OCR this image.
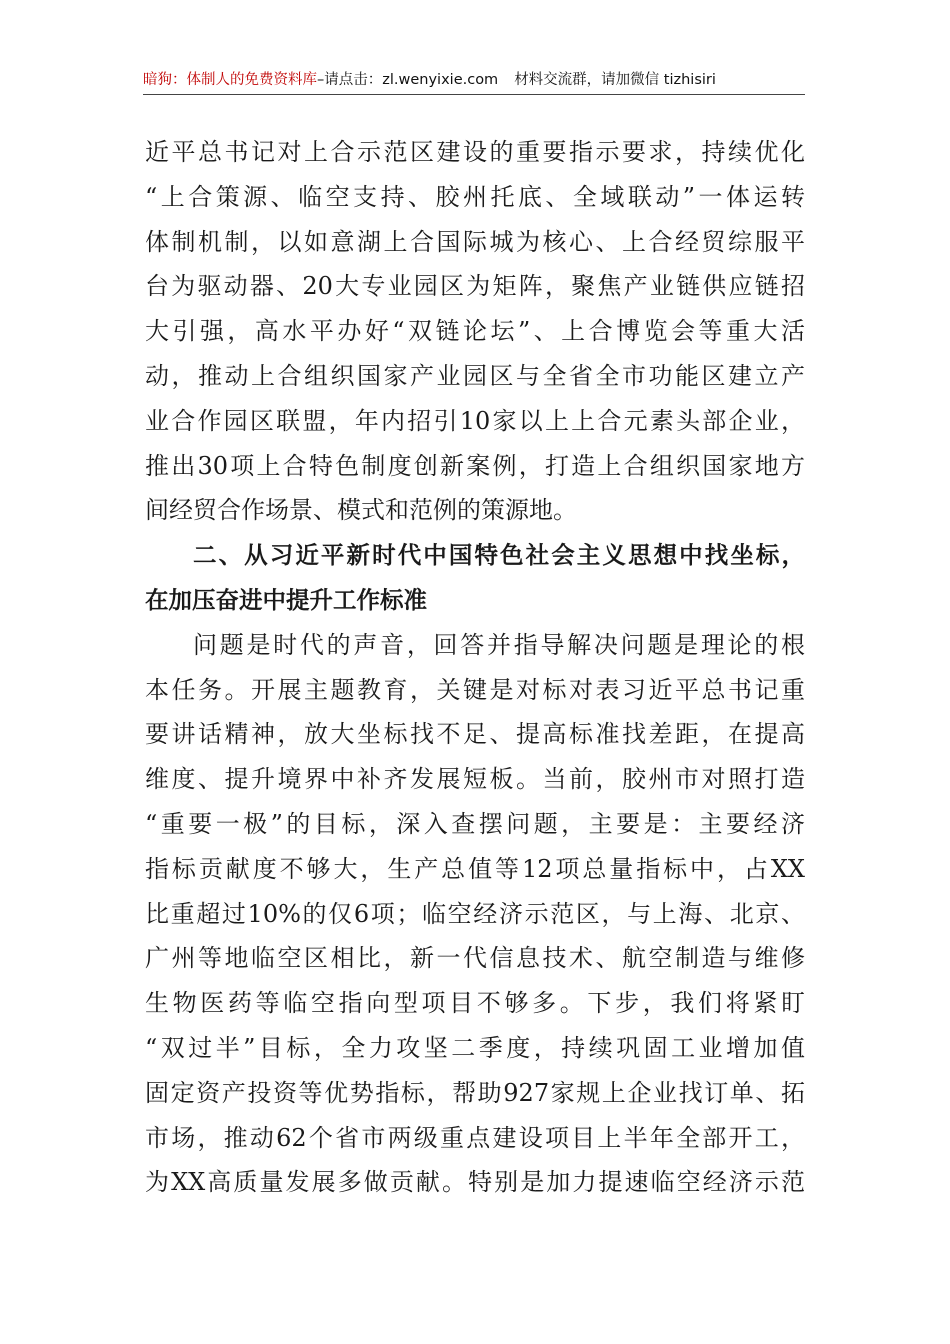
暗狗：体制人的免费资料库–请点击：zl.wenyixie.com 材料交流群，请加微信 tizhisiri
近平总书记对上合示范区建设的重要指示要求，持续优化
“上合策源、临空支持、胶州托底、全域联动”一体运转
体制机制，以如意湖上合国际城为核心、上合经贸综服平
台为驱动器、20大专业园区为矩阵，聚焦产业链供应链招
大引强，高水平办好“双链论坛”、上合博览会等重大活
动，推动上合组织国家产业园区与全省全市功能区建立产
业合作园区联盟，年内招引10家以上上合元素头部企业，
推出30项上合特色制度创新案例，打造上合组织国家地方
间经贸合作场景、模式和范例的策源地。
二、从习近平新时代中国特色社会主义思想中找坐标，
在加压奋进中提升工作标准
问题是时代的声音，回答并指导解决问题是理论的根
本任务。开展主题教育，关键是对标对表习近平总书记重
要讲话精神，放大坐标找不足、提高标准找差距，在提高
维度、提升境界中补齐发展短板。当前，胶州市对照打造
“重要一极”的目标，深入查摆问题，主要是：主要经济
指标贡献度不够大，生产总值等12项总量指标中，占XX
比重超过10%的仅6项；临空经济示范区，与上海、北京、
广州等地临空区相比，新一代信息技术、航空制造与维修
生物医药等临空指向型项目不够多。下步，我们将紧盯
“双过半”目标，全力攻坚二季度，持续巩固工业增加值
固定资产投资等优势指标，帮助927家规上企业找订单、拓
市场，推动62个省市两级重点建设项目上半年全部开工，
为XX高质量发展多做贡献。特别是加力提速临空经济示范
